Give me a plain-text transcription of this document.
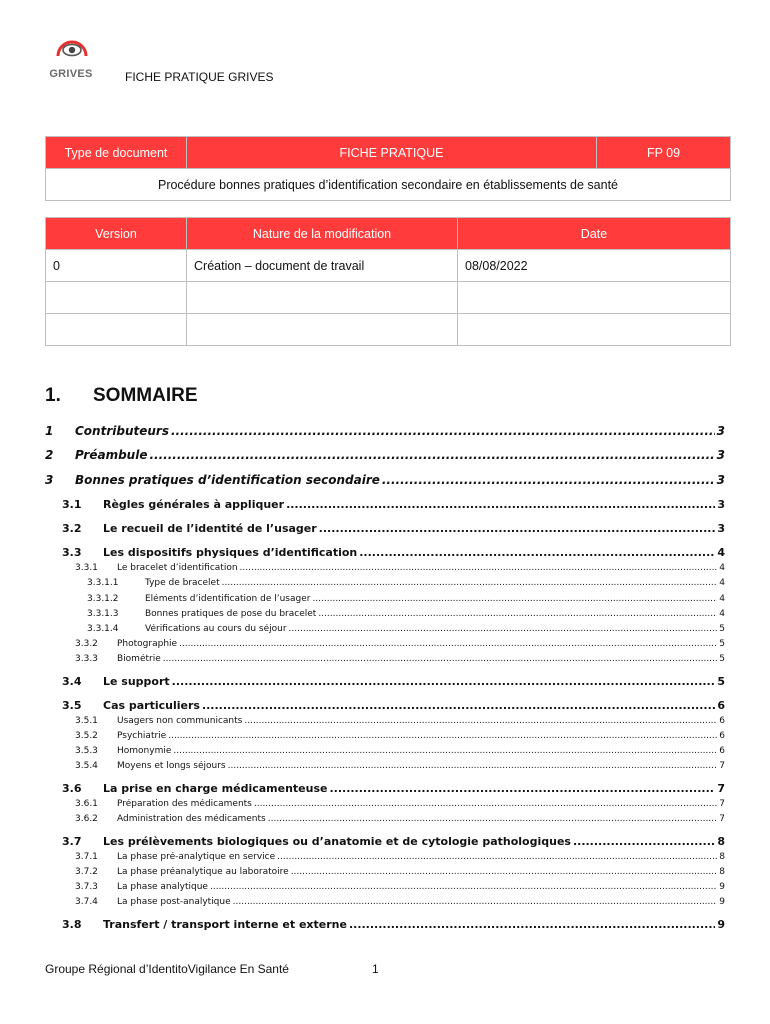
GRIVES	FICHE PRATIQUE GRIVES
Type de document	FICHE PRATIQUE	FP 09
Procédure bonnes pratiques d’identification secondaire en établissements de santé
Version	Nature de la modification	Date
0	Création – document de travail	08/08/2022

1. SOMMAIRE
1	Contributeurs .....	3
2	Préambule .....	3
3	Bonnes pratiques d’identification secondaire .....	3
3.1	Règles générales à appliquer .....	3
3.2	Le recueil de l’identité de l’usager .....	3
3.3	Les dispositifs physiques d’identification .....	4
3.3.1	Le bracelet d’identification .....	4
3.3.1.1	Type de bracelet .....	4
3.3.1.2	Eléments d’identification de l’usager .....	4
3.3.1.3	Bonnes pratiques de pose du bracelet .....	4
3.3.1.4	Vérifications au cours du séjour .....	5
3.3.2	Photographie .....	5
3.3.3	Biométrie .....	5
3.4	Le support .....	5
3.5	Cas particuliers .....	6
3.5.1	Usagers non communicants .....	6
3.5.2	Psychiatrie .....	6
3.5.3	Homonymie .....	6
3.5.4	Moyens et longs séjours .....	7
3.6	La prise en charge médicamenteuse .....	7
3.6.1	Préparation des médicaments .....	7
3.6.2	Administration des médicaments .....	7
3.7	Les prélèvements biologiques ou d’anatomie et de cytologie pathologiques .....	8
3.7.1	La phase pré-analytique en service .....	8
3.7.2	La phase préanalytique au laboratoire .....	8
3.7.3	La phase analytique .....	9
3.7.4	La phase post-analytique .....	9
3.8	Transfert / transport interne et externe .....	9
Groupe Régional d’IdentitoVigilance En Santé	1
